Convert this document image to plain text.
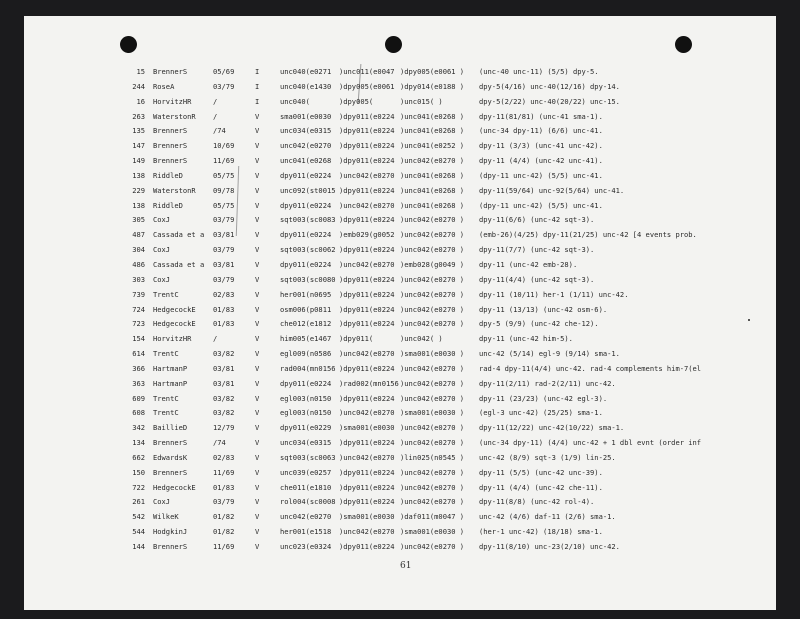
15 BrennerS	05/69	I	unc040(e0271 )unc011(e0047 )dpy005(e0061 ) (unc-40 unc-11) (5/5) dpy-5.
244 RoseA	03/79	I	unc040(e1430 )dpy005(e0061 )dpy014(e0188 ) dpy-5(4/16) unc-40(12/16) dpy-14.
16 HorvitzHR	/	I	unc040(	)dpy005(	)unc015( )	dpy-5(2/22) unc-40(20/22) unc-15.
263 WaterstonR /	V	sma001(e0030 )dpy011(e0224 )unc041(e0268 ) dpy-11(81/81) (unc-41 sma-1).
135 BrennerS	/74	V	unc034(e0315 )dpy011(e0224 )unc041(e0268 ) (unc-34 dpy-11) (6/6) unc-41.
147 BrennerS	10/69	V	unc042(e0270 )dpy011(e0224 )unc041(e0252 ) dpy-11 (3/3) (unc-41 unc-42).
149 BrennerS	11/69	V	unc041(e0268 )dpy011(e0224 )unc042(e0270 ) dpy-11 (4/4) (unc-42 unc-41).
138 RiddleD	05/75	V	dpy011(e0224 )unc042(e0270 )unc041(e0268 ) (dpy-11 unc-42) (5/5) unc-41.
229 WaterstonR 09/78	V	unc092(st0015 )dpy011(e0224 )unc041(e0268 ) dpy-11(59/64) unc-92(5/64) unc-41.
138 RiddleD	05/75	V	dpy011(e0224 )unc042(e0270 )unc041(e0268 ) (dpy-11 unc-42) (5/5) unc-41.
305 CoxJ	03/79	V	sqt003(sc0083 )dpy011(e0224 )unc042(e0270 ) dpy-11(6/6) (unc-42 sqt-3).
487 Cassada et a 03/81	V	dpy011(e0224 )emb029(g0052 )unc042(e0270 ) (emb-26)(4/25) dpy-11(21/25) unc-42 [4 events prob.
304 CoxJ	03/79	V	sqt003(sc0062 )dpy011(e0224 )unc042(e0270 ) dpy-11(7/7) (unc-42 sqt-3).
486 Cassada et a 03/81	V	dpy011(e0224 )unc042(e0270 )emb028(g0049 ) dpy-11 (unc-42 emb-28).
303 CoxJ	03/79	V	sqt003(sc0080 )dpy011(e0224 )unc042(e0270 ) dpy-11(4/4) (unc-42 sqt-3).
739 TrentC	02/83	V	her001(n0695 )dpy011(e0224 )unc042(e0270 ) dpy-11 (10/11) her-1 (1/11) unc-42.
724 HedgecockE 01/83	V	osm006(p0811 )dpy011(e0224 )unc042(e0270 ) dpy-11 (13/13) (unc-42 osm-6).
723 HedgecockE 01/83	V	che012(e1812 )dpy011(e0224 )unc042(e0270 ) dpy-5 (9/9) (unc-42 che-12).
154 HorvitzHR	/	V	him005(e1467 )dpy011(	)unc042( )	dpy-11 (unc-42 him-5).
614 TrentC	03/82	V	egl009(n0586 )unc042(e0270 )sma001(e0030 ) unc-42 (5/14) egl-9 (9/14) sma-1.
366 HartmanP	03/81	V	rad004(mn0156 )dpy011(e0224 )unc042(e0270 ) rad-4 dpy-11(4/4) unc-42. rad-4 complements him-7(el
363 HartmanP	03/81	V	dpy011(e0224 )rad002(mn0156 )unc042(e0270 ) dpy-11(2/11) rad-2(2/11) unc-42.
609 TrentC	03/82	V	egl003(n0150 )dpy011(e0224 )unc042(e0270 ) dpy-11 (23/23) (unc-42 egl-3).
608 TrentC	03/82	V	egl003(n0150 )unc042(e0270 )sma001(e0030 ) (egl-3 unc-42) (25/25) sma-1.
342 BaillieD	12/79	V	dpy011(e0229 )sma001(e0030 )unc042(e0270 ) dpy-11(12/22) unc-42(10/22) sma-1.
134 BrennerS	/74	V	unc034(e0315 )dpy011(e0224 )unc042(e0270 ) (unc-34 dpy-11) (4/4) unc-42 + 1 dbl evnt (order inf
662 EdwardsK	02/83	V	sqt003(sc0063 )unc042(e0270 )lin025(n0545 ) unc-42 (8/9) sqt-3 (1/9) lin-25.
150 BrennerS	11/69	V	unc039(e0257 )dpy011(e0224 )unc042(e0270 ) dpy-11 (5/5) (unc-42 unc-39).
722 HedgecockE 01/83	V	che011(e1810 )dpy011(e0224 )unc042(e0270 ) dpy-11 (4/4) (unc-42 che-11).
261 CoxJ	03/79	V	rol004(sc0008 )dpy011(e0224 )unc042(e0270 ) dpy-11(8/8) (unc-42 rol-4).
542 WilkeK	01/82	V	unc042(e0270 )sma001(e0030 )daf011(m0047 ) unc-42 (4/6) daf-11 (2/6) sma-1.
544 HodgkinJ	01/82	V	her001(e1518 )unc042(e0270 )sma001(e0030 ) (her-1 unc-42) (18/18) sma-1.
144 BrennerS	11/69	V	unc023(e0324 )dpy011(e0224 )unc042(e0270 ) dpy-11(8/10) unc-23(2/10) unc-42.
61
